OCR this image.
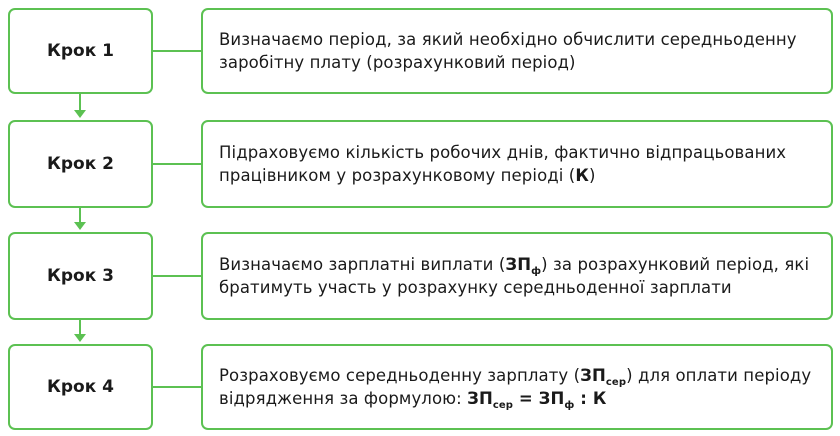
Крок 1
Визначаємо період, за який необхідно обчислити середньоденну заробітну плату (розрахунковий період)
Крок 2
Підраховуємо кількість робочих днів, фактично відпрацьованих працівником у розрахунковому періоді (К)
Крок 3
Визначаємо зарплатні виплати $(ЗП_ф)$ за розрахунковий період, які братимуть участь у розрахунку середньоденної зарплати
Крок 4
Розраховуємо середньоденну зарплату $(ЗП_{сер})$ для оплати періоду відрядження за формулою: $ЗП_{сер} = ЗП_ф$ : К
